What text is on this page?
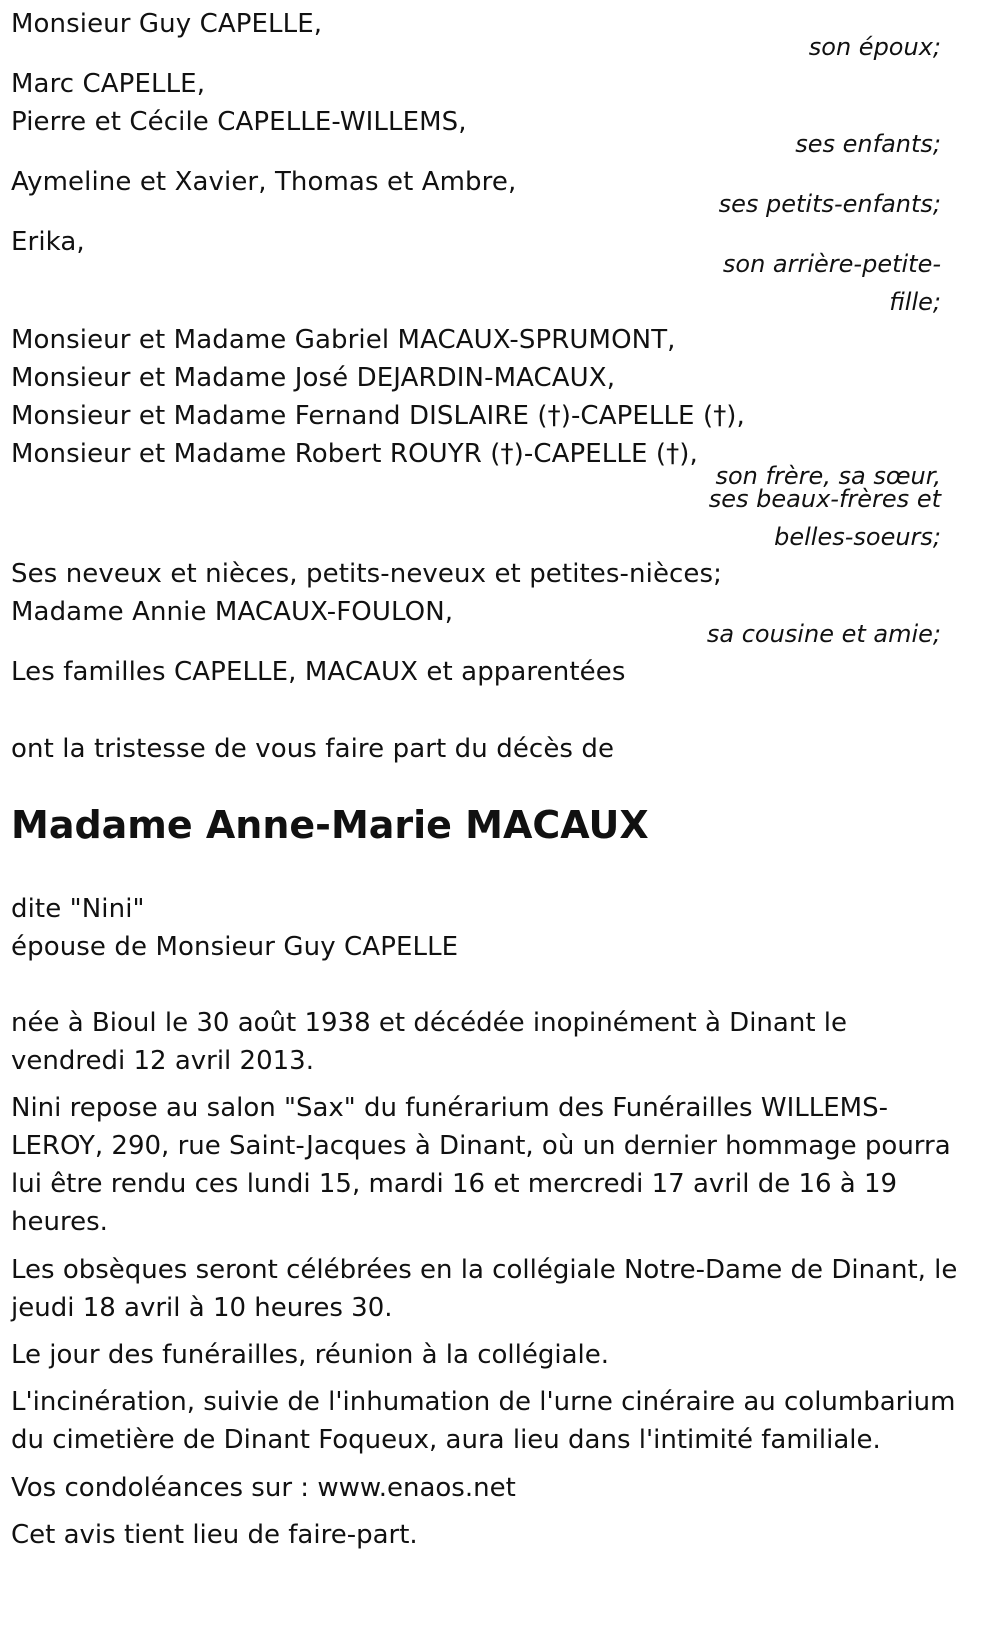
Monsieur Guy CAPELLE,
son époux;
Marc CAPELLE,
Pierre et Cécile CAPELLE-WILLEMS,
ses enfants;
Aymeline et Xavier, Thomas et Ambre,
ses petits-enfants;
Erika,
son arrière-petite-
fille;
Monsieur et Madame Gabriel MACAUX-SPRUMONT,
Monsieur et Madame José DEJARDIN-MACAUX,
Monsieur et Madame Fernand DISLAIRE (†)-CAPELLE (†),
Monsieur et Madame Robert ROUYR (†)-CAPELLE (†),
son frère, sa sœur,
ses beaux-frères et
belles-soeurs;
Ses neveux et nièces, petits-neveux et petites-nièces;
Madame Annie MACAUX-FOULON,
sa cousine et amie;
Les familles CAPELLE, MACAUX et apparentées
ont la tristesse de vous faire part du décès de
Madame Anne-Marie MACAUX
dite "Nini"
épouse de Monsieur Guy CAPELLE
née à Bioul le 30 août 1938 et décédée inopinément à Dinant le vendredi 12 avril 2013.
Nini repose au salon "Sax" du funérarium des Funérailles WILLEMS-LEROY, 290, rue Saint-Jacques à Dinant, où un dernier hommage pourra lui être rendu ces lundi 15, mardi 16 et mercredi 17 avril de 16 à 19 heures.
Les obsèques seront célébrées en la collégiale Notre-Dame de Dinant, le jeudi 18 avril à 10 heures 30.
Le jour des funérailles, réunion à la collégiale.
L'incinération, suivie de l'inhumation de l'urne cinéraire au columbarium du cimetière de Dinant Foqueux, aura lieu dans l'intimité familiale.
Vos condoléances sur : www.enaos.net
Cet avis tient lieu de faire-part.
